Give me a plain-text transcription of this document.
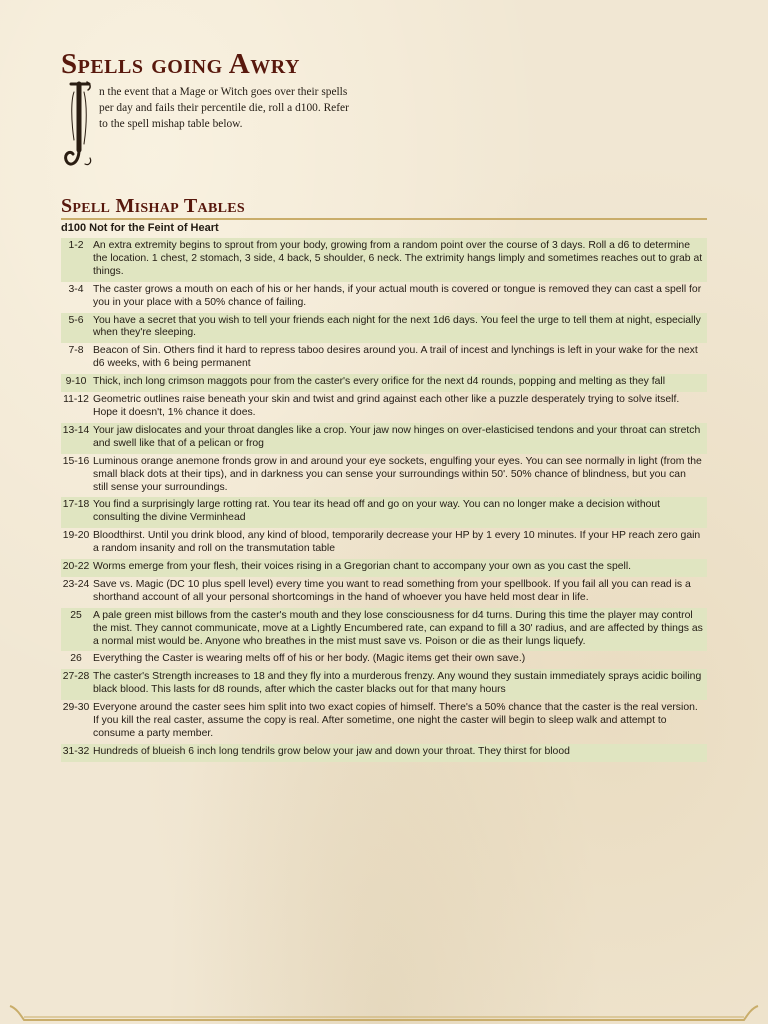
Spells going Awry
n the event that a Mage or Witch goes over their spells per day and fails their percentile die, roll a d100. Refer to the spell mishap table below.
Spell Mishap Tables
d100 Not for the Feint of Heart
1-2 An extra extremity begins to sprout from your body, growing from a random point over the course of 3 days. Roll a d6 to determine the location. 1 chest, 2 stomach, 3 side, 4 back, 5 shoulder, 6 neck. The extrimity hangs limply and sometimes reaches out to grab at things.
3-4 The caster grows a mouth on each of his or her hands, if your actual mouth is covered or tongue is removed they can cast a spell for you in your place with a 50% chance of failing.
5-6 You have a secret that you wish to tell your friends each night for the next 1d6 days. You feel the urge to tell them at night, especially when they're sleeping.
7-8 Beacon of Sin. Others find it hard to repress taboo desires around you. A trail of incest and lynchings is left in your wake for the next d6 weeks, with 6 being permanent
9-10 Thick, inch long crimson maggots pour from the caster's every orifice for the next d4 rounds, popping and melting as they fall
11-12 Geometric outlines raise beneath your skin and twist and grind against each other like a puzzle desperately trying to solve itself. Hope it doesn't, 1% chance it does.
13-14 Your jaw dislocates and your throat dangles like a crop. Your jaw now hinges on over-elasticised tendons and your throat can stretch and swell like that of a pelican or frog
15-16 Luminous orange anemone fronds grow in and around your eye sockets, engulfing your eyes. You can see normally in light (from the small black dots at their tips), and in darkness you can sense your surroundings within 50'. 50% chance of blindness, but you can still sense your surroundings.
17-18 You find a surprisingly large rotting rat. You tear its head off and go on your way. You can no longer make a decision without consulting the divine Verminhead
19-20 Bloodthirst. Until you drink blood, any kind of blood, temporarily decrease your HP by 1 every 10 minutes. If your HP reach zero gain a random insanity and roll on the transmutation table
20-22 Worms emerge from your flesh, their voices rising in a Gregorian chant to accompany your own as you cast the spell.
23-24 Save vs. Magic (DC 10 plus spell level) every time you want to read something from your spellbook. If you fail all you can read is a shorthand account of all your personal shortcomings in the hand of whoever you have held most dear in life.
25	A pale green mist billows from the caster's mouth and they lose consciousness for d4 turns. During this time the player may control the mist. They cannot communicate, move at a Lightly Encumbered rate, can expand to fill a 30' radius, and are affected by things as a normal mist would be. Anyone who breathes in the mist must save vs. Poison or die as their lungs liquefy.
26	Everything the Caster is wearing melts off of his or her body. (Magic items get their own save.)
27-28 The caster's Strength increases to 18 and they fly into a murderous frenzy. Any wound they sustain immediately sprays acidic boiling black blood. This lasts for d8 rounds, after which the caster blacks out for that many hours
29-30 Everyone around the caster sees him split into two exact copies of himself. There's a 50% chance that the caster is the real version. If you kill the real caster, assume the copy is real. After sometime, one night the caster will begin to sleep walk and attempt to consume a party member.
31-32 Hundreds of blueish 6 inch long tendrils grow below your jaw and down your throat. They thirst for blood
